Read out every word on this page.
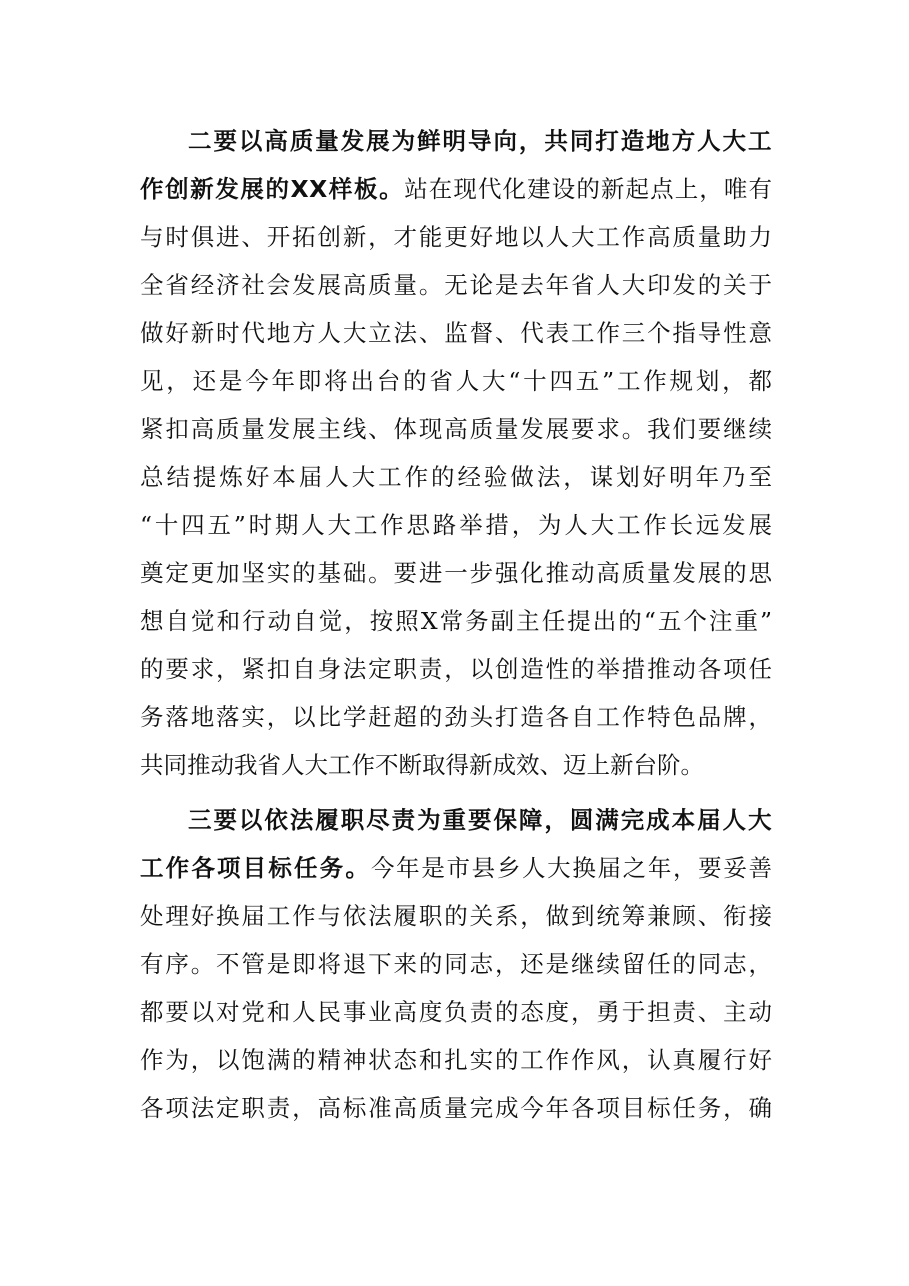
二要以高质量发展为鲜明导向，共同打造地方人大工
作创新发展的XX样板。站在现代化建设的新起点上，唯有
与时俱进、开拓创新，才能更好地以人大工作高质量助力
全省经济社会发展高质量。无论是去年省人大印发的关于
做好新时代地方人大立法、监督、代表工作三个指导性意
见，还是今年即将出台的省人大“十四五”工作规划，都
紧扣高质量发展主线、体现高质量发展要求。我们要继续
总结提炼好本届人大工作的经验做法，谋划好明年乃至
“十四五”时期人大工作思路举措，为人大工作长远发展
奠定更加坚实的基础。要进一步强化推动高质量发展的思
想自觉和行动自觉，按照X常务副主任提出的“五个注重”
的要求，紧扣自身法定职责，以创造性的举措推动各项任
务落地落实，以比学赶超的劲头打造各自工作特色品牌，
共同推动我省人大工作不断取得新成效、迈上新台阶。
三要以依法履职尽责为重要保障，圆满完成本届人大
工作各项目标任务。今年是市县乡人大换届之年，要妥善
处理好换届工作与依法履职的关系，做到统筹兼顾、衔接
有序。不管是即将退下来的同志，还是继续留任的同志，
都要以对党和人民事业高度负责的态度，勇于担责、主动
作为，以饱满的精神状态和扎实的工作作风，认真履行好
各项法定职责，高标准高质量完成今年各项目标任务，确
